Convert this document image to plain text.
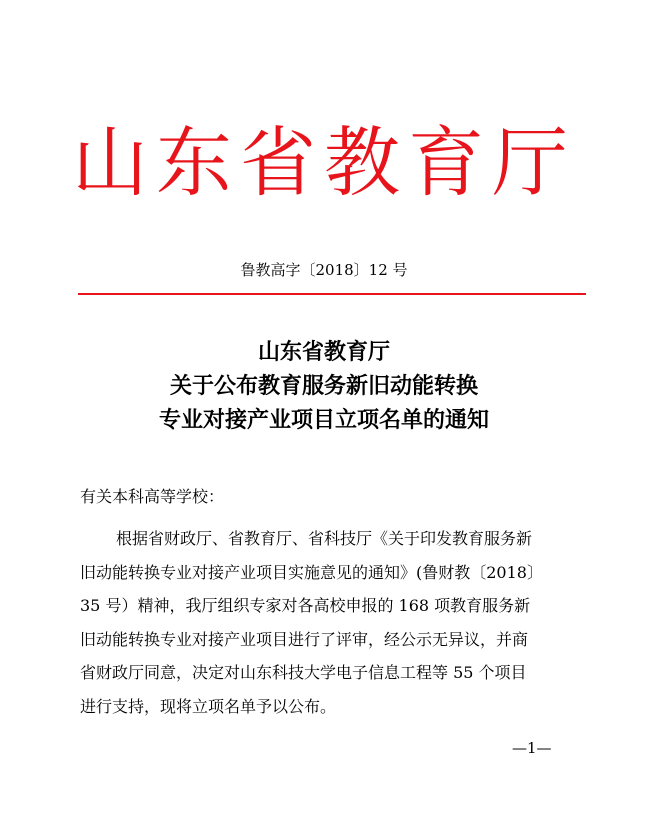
山东省教育厅
鲁教高字〔2018〕12 号
山东省教育厅
关于公布教育服务新旧动能转换
专业对接产业项目立项名单的通知
有关本科高等学校：
根据省财政厅、省教育厅、省科技厅《关于印发教育服务新
旧动能转换专业对接产业项目实施意见的通知》(鲁财教〔2018〕
35 号）精神，我厅组织专家对各高校申报的 168 项教育服务新
旧动能转换专业对接产业项目进行了评审，经公示无异议，并商
省财政厅同意，决定对山东科技大学电子信息工程等 55 个项目
进行支持，现将立项名单予以公布。
—1—
